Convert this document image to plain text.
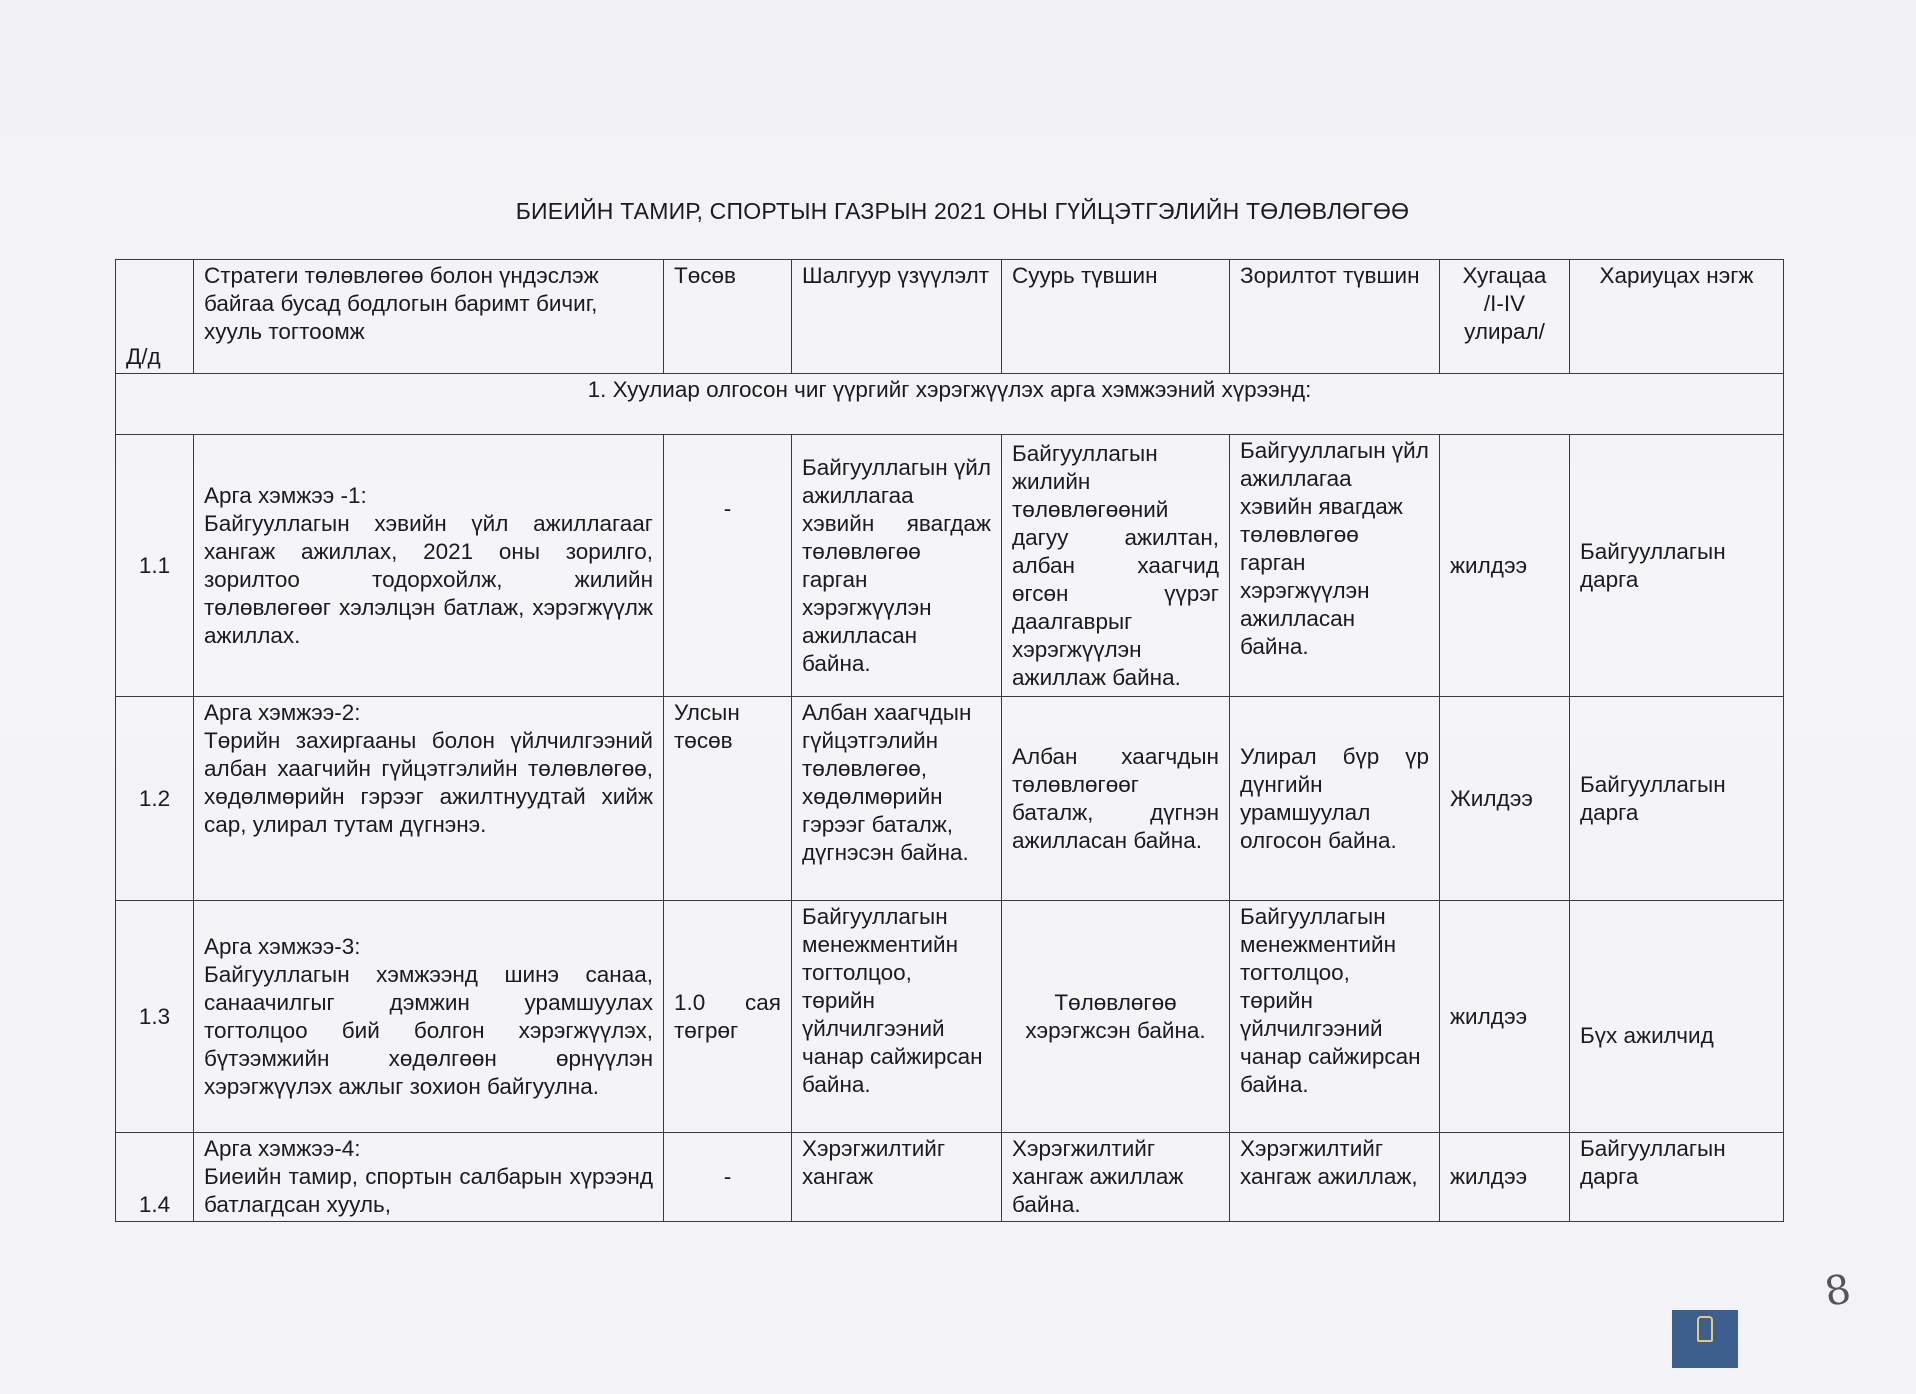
БИЕИЙН ТАМИР, СПОРТЫН ГАЗРЫН 2021 ОНЫ ГҮЙЦЭТГЭЛИЙН ТӨЛӨВЛӨГӨӨ
Д/д	Стратеги төлөвлөгөө болон үндэслэж байгаа бусад бодлогын баримт бичиг, хууль тогтоомж	Төсөв	Шалгуур үзүүлэлт	Суурь түвшин	Зорилтот түвшин	Хугацаа /I-IV улирал/	Хариуцах нэгж
1. Хуулиар олгосон чиг үүргийг хэрэгжүүлэх арга хэмжээний хүрээнд:							
1.1	Арга хэмжээ -1:
Байгууллагын хэвийн үйл ажиллагааг хангаж ажиллах, 2021 оны зорилго, зорилтоо тодорхойлж, жилийн төлөвлөгөөг хэлэлцэн батлаж, хэрэгжүүлж ажиллах.	-	Байгууллагын үйл ажиллагаа хэвийн явагдаж төлөвлөгөө гарган хэрэгжүүлэн ажилласан байна.	Байгууллагын жилийн төлөвлөгөөний дагуу ажилтан, албан хаагчид өгсөн үүрэг даалгаврыг хэрэгжүүлэн ажиллаж байна.	Байгууллагын үйл ажиллагаа хэвийн явагдаж төлөвлөгөө гарган хэрэгжүүлэн ажилласан байна.	жилдээ	Байгууллагын дарга
1.2	Арга хэмжээ-2:
Төрийн захиргааны болон үйлчилгээний албан хаагчийн гүйцэтгэлийн төлөвлөгөө, хөдөлмөрийн гэрээг ажилтнуудтай хийж сар, улирал тутам дүгнэнэ.	Улсын төсөв	Албан хаагчдын гүйцэтгэлийн төлөвлөгөө, хөдөлмөрийн гэрээг баталж, дүгнэсэн байна.	Албан хаагчдын төлөвлөгөөг баталж, дүгнэн ажилласан байна.	Улирал бүр үр дүнгийн урамшуулал олгосон байна.	Жилдээ	Байгууллагын дарга
1.3	Арга хэмжээ-3:
Байгууллагын хэмжээнд шинэ санаа, санаачилгыг дэмжин урамшуулах тогтолцоо бий болгон хэрэгжүүлэх, бүтээмжийн хөдөлгөөн өрнүүлэн хэрэгжүүлэх ажлыг зохион байгуулна.	1.0 сая төгрөг	Байгууллагын менежментийн тогтолцоо, төрийн үйлчилгээний чанар сайжирсан байна.	Төлөвлөгөө хэрэгжсэн байна.	Байгууллагын менежментийн тогтолцоо, төрийн үйлчилгээний чанар сайжирсан байна.	жилдээ	Бүх ажилчид
1.4	Арга хэмжээ-4:
Биеийн тамир, спортын салбарын хүрээнд батлагдсан хууль,	-	Хэрэгжилтийг хангаж	Хэрэгжилтийг хангаж ажиллаж байна.	Хэрэгжилтийг хангаж ажиллаж,	жилдээ	Байгууллагын дарга
8
